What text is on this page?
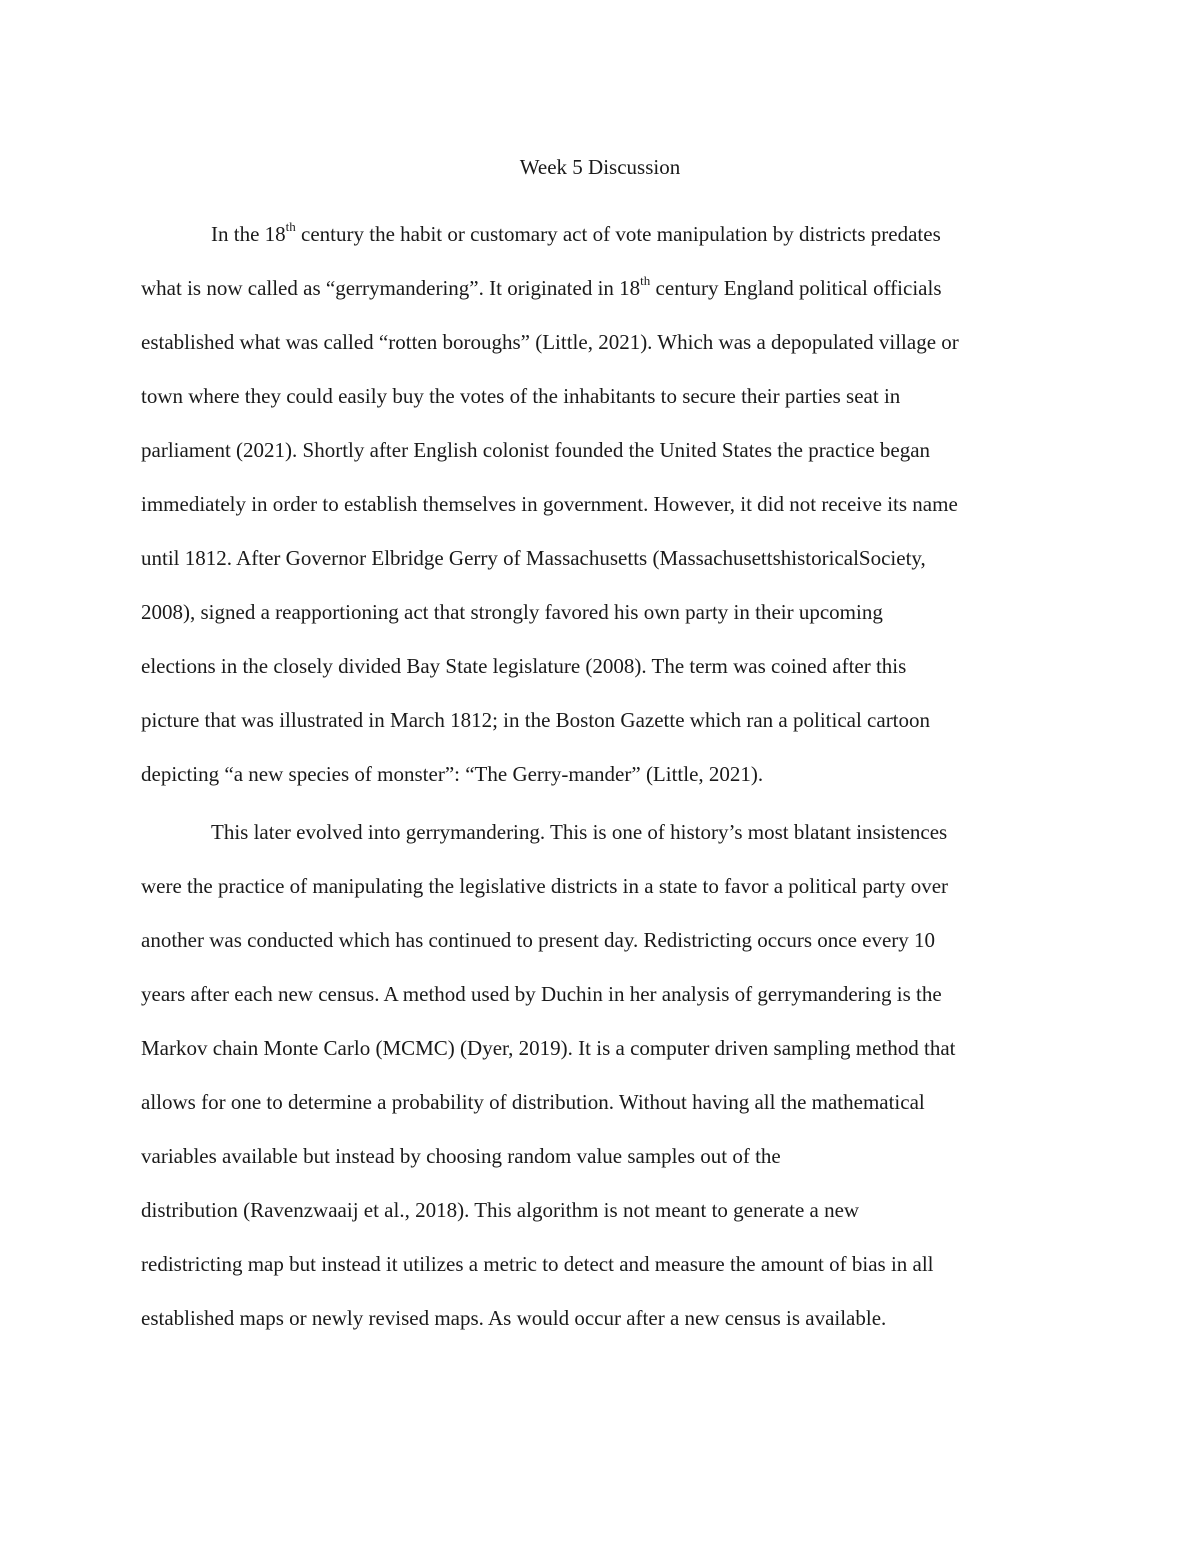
Week 5 Discussion
In the 18th century the habit or customary act of vote manipulation by districts predates
what is now called as “gerrymandering”. It originated in 18th century England political officials
established what was called “rotten boroughs” (Little, 2021). Which was a depopulated village or
town where they could easily buy the votes of the inhabitants to secure their parties seat in
parliament (2021). Shortly after English colonist founded the United States the practice began
immediately in order to establish themselves in government. However, it did not receive its name
until 1812. After Governor Elbridge Gerry of Massachusetts (MassachusettshistoricalSociety,
2008), signed a reapportioning act that strongly favored his own party in their upcoming
elections in the closely divided Bay State legislature (2008). The term was coined after this
picture that was illustrated in March 1812; in the Boston Gazette which ran a political cartoon
depicting “a new species of monster”: “The Gerry-mander” (Little, 2021).
This later evolved into gerrymandering. This is one of history’s most blatant insistences
were the practice of manipulating the legislative districts in a state to favor a political party over
another was conducted which has continued to present day. Redistricting occurs once every 10
years after each new census. A method used by Duchin in her analysis of gerrymandering is the
Markov chain Monte Carlo (MCMC) (Dyer, 2019). It is a computer driven sampling method that
allows for one to determine a probability of distribution. Without having all the mathematical
variables available but instead by choosing random value samples out of the
distribution (Ravenzwaaij et al., 2018). This algorithm is not meant to generate a new
redistricting map but instead it utilizes a metric to detect and measure the amount of bias in all
established maps or newly revised maps. As would occur after a new census is available.
